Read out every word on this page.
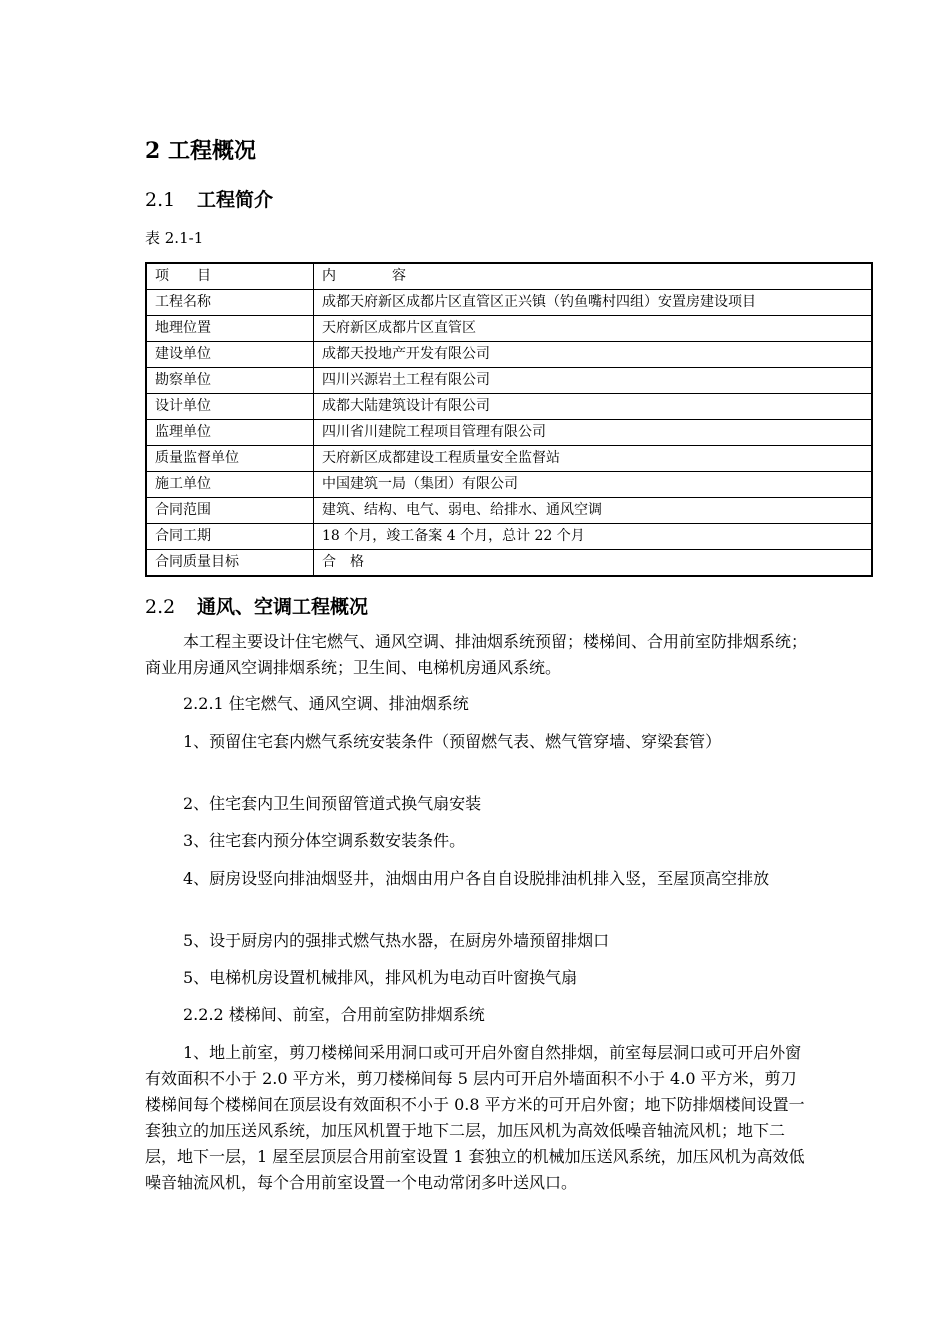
2 工程概况
2.1 工程简介
表 2.1-1
项　　目	内　　　　容
工程名称	成都天府新区成都片区直管区正兴镇（钓鱼嘴村四组）安置房建设项目
地理位置	天府新区成都片区直管区
建设单位	成都天投地产开发有限公司
勘察单位	四川兴源岩土工程有限公司
设计单位	成都大陆建筑设计有限公司
监理单位	四川省川建院工程项目管理有限公司
质量监督单位	天府新区成都建设工程质量安全监督站
施工单位	中国建筑一局（集团）有限公司
合同范围	建筑、结构、电气、弱电、给排水、通风空调
合同工期	18 个月，竣工备案 4 个月，总计 22 个月
合同质量目标	合　格
2.2 通风、空调工程概况

本工程主要设计住宅燃气、通风空调、排油烟系统预留；楼梯间、合用前室防排烟系统；商业用房通风空调排烟系统；卫生间、电梯机房通风系统。

2.2.1 住宅燃气、通风空调、排油烟系统

1、预留住宅套内燃气系统安装条件（预留燃气表、燃气管穿墙、穿梁套管）

2、住宅套内卫生间预留管道式换气扇安装

3、往宅套内预分体空调系数安装条件。

4、厨房设竖向排油烟竖井，油烟由用户各自自设脱排油机排入竖，至屋顶高空排放

5、设于厨房内的强排式燃气热水器，在厨房外墙预留排烟口

5、电梯机房设置机械排风，排风机为电动百叶窗换气扇

2.2.2 楼梯间、前室，合用前室防排烟系统

1、地上前室，剪刀楼梯间采用洞口或可开启外窗自然排烟，前室每层洞口或可开启外窗有效面积不小于 2.0 平方米，剪刀楼梯间每 5 层内可开启外墙面积不小于 4.0 平方米，剪刀楼梯间每个楼梯间在顶层设有效面积不小于 0.8 平方米的可开启外窗；地下防排烟楼间设置一套独立的加压送风系统，加压风机置于地下二层，加压风机为高效低噪音轴流风机；地下二层，地下一层，1 屋至层顶层合用前室设置 1 套独立的机械加压送风系统，加压风机为高效低噪音轴流风机，每个合用前室设置一个电动常闭多叶送风口。
